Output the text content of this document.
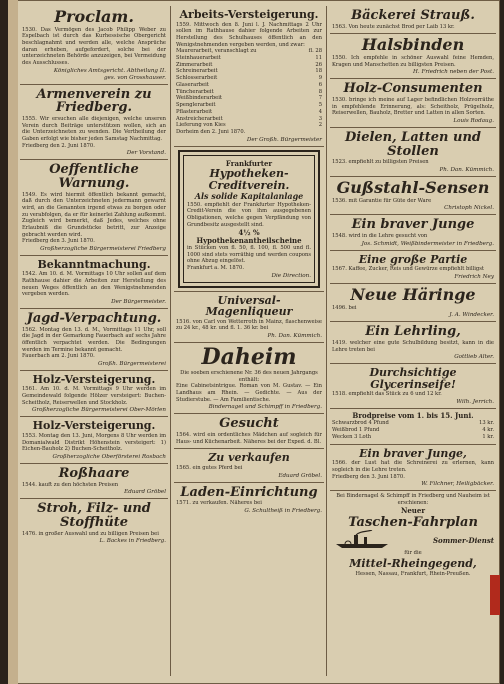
Proclam.

1530. Das Vermögen des Jacob Philipp Weber zu Espelbach ist durch das Kurhessische Obergericht beschlagnahmt und werden alle, welche Ansprüche daran erheben, aufgefordert, solche bei der unterzeichneten Behörde anzuzeigen, bei Vermeidung des Ausschlusses.

Königliches Amtsgericht. Abtheilung II.

ges. von Grosshauser.

Armenverein zu Friedberg.

1555. Wir ersuchen alle diejenigen, welche unseren Verein durch Beiträge unterstützen wollen, sich an die Unterzeichneten zu wenden. Die Vertheilung der Gaben erfolgt wie bisher jeden Samstag Nachmittag.

Friedberg den 2. Juni 1870.

Der Vorstand.

Oeffentliche Warnung.

1549. Es wird hiermit öffentlich bekannt gemacht, daß durch den Unterzeichneten jedermann gewarnt wird, an die Genannten irgend etwas zu borgen oder zu verabfolgen, da er für keinerlei Zahlung aufkommt. Zugleich wird bemerkt, daß Jedes, welches ohne Erlaubniß die Grundstücke betritt, zur Anzeige gebracht werden wird.

Friedberg den 3. Juni 1870.

Großherzogliche Bürgermeisterei Friedberg

Bekanntmachung.

1542. Am 10. d. M. Vormittags 10 Uhr sollen auf dem Rathhause dahier die Arbeiten zur Herstellung des neuen Weges öffentlich an den Wenigstnehmenden vergeben werden.

Der Bürgermeister.

Jagd-Verpachtung.

1562. Montag den 13. d. M., Vormittags 11 Uhr, soll die Jagd in der Gemarkung Fauerbach auf sechs Jahre öffentlich verpachtet werden. Die Bedingungen werden im Termine bekannt gemacht.

Fauerbach am 2. Juni 1870.

Großh. Bürgermeisterei

Holz-Versteigerung.

1561. Am 10. d. M. Vormittags 9 Uhr werden im Gemeindewald folgende Hölzer versteigert: Buchen-Scheitholz, Reiserwellen und Stockholz.

Großherzogliche Bürgermeisterei Ober-Mörlen

Holz-Versteigerung.

1553. Montag den 13. Juni, Morgens 8 Uhr werden im Domanialwald Distrikt Höhenstein versteigert: 1) Eichen-Bauholz 2) Buchen-Scheitholz.

Großherzogliche Oberförsterei Rosbach

Roßhaare

1544. kauft zu den höchsten Preisen

Eduard Gröbel

Stroh, Filz- und Stoffhüte

1476. in großer Auswahl und zu billigen Preisen bei

L. Backes in Friedberg.

Arbeits-Versteigerung.

1559. Mittwoch den 8. Juni l. J. Nachmittags 2 Uhr sollen im Rathhause dahier folgende Arbeiten zur Herstellung des Schulhauses öffentlich an den Wenigstnehmenden vergeben werden, und zwar:

Maurerarbeit, veranschlagt zu	fl. 28
Steinhauerarbeit	11
Zimmerarbeit	26
Schreinerarbeit	18
Schlosserarbeit	9
Glaserarbeit	6
Tüncherarbeit	8
Weißbinderarbeit	7
Spenglerarbeit	5
Pflasterarbeit	4
Anstreicherarbeit	3
Lieferung von Kies	2

Dorheim den 2. Juni 1870.

Der Großh. Bürgermeister

Frankfurter
Hypotheken-Creditverein.
Als solide Kapitalanlage

1550. empfiehlt der Frankfurter Hypotheken-Credit-Verein die von ihm ausgegebenen Obligationen, welche gegen Verpfändung von Grundbesitz ausgestellt sind.

4½ % Hypothekenantheilscheine

in Stücken von fl. 50, fl. 100, fl. 500 und fl. 1000 sind stets vorräthig und werden coupons ohne Abzug eingelöst.

Frankfurt a. M. 1870.

Die Direction.

Universal-Magenliqueur

1516. von Carl von Wetterroth in Mainz, flaschenweise zu 24 kr., 48 kr. und fl. 1. 36 kr. bei

Ph. Dan. Kümmich.

Daheim

Die soeben erschienene Nr. 36 des neuen Jahrgangs enthält:

Eine Cabinetsintrigue. Roman von M. Gustav. — Ein Landhaus am Rhein. — Gedichte. — Aus der Studierstube. — Am Familientische.

Bindernagel und Schimpff in Friedberg.

Gesucht

1564. wird ein ordentliches Mädchen auf sogleich für Haus- und Küchenarbeit. Näheres bei der Exped. d. Bl.

Zu verkaufen

1565. ein gutes Pferd bei

Eduard Gröbel.

Laden-Einrichtung

1571. zu verkaufen. Näheres bei

G. Schultheiß in Friedberg.

Bäckerei Strauß.

1563. Von heute zunächst Brod per Laib 13 kr.

Halsbinden

1550. Ich empfehle in schöner Auswahl feine Hemden, Kragen und Manschetten zu billigsten Preisen.

H. Friedrich neben der Post.

Holz-Consumenten

1530. bringe ich meine auf Lager befindlichen Holzvorräthe in empfehlende Erinnerung, als: Scheitholz, Prügelholz, Reiserwellen, Bauholz, Bretter und Latten in allen Sorten.

Louis Rodaug.

Dielen, Latten und Stollen

1523. empfiehlt zu billigsten Preisen

Ph. Dan. Kümmich.

Gußstahl-Sensen

1536. mit Garantie für Güte der Ware

Christoph Nickel.

Ein braver Junge

1548. wird in die Lehre gesucht von

Jos. Schmidt, Weißbindermeister in Friedberg.

Eine große Partie

1567. Kaffee, Zucker, Reis und Gewürze empfiehlt billigst

Friedrich Ney

Neue Häringe

1496. bei

J. A. Windecker.

Ein Lehrling,

1419. welcher eine gute Schulbildung besitzt, kann in die Lehre treten bei

Gottlieb Alter.

Durchsichtige Glycerinseife!

1518. empfiehlt das Stück zu 6 und 12 kr.

Wilh. Jerrich.

Brodpreise vom 1. bis 15. Juni.
Schwarzbrod 4 Pfund	13 kr.
Weißbrod 1 Pfund	4 kr.
Wecken 3 Loth	1 kr.
Ein braver Junge,

1566. der Lust hat die Schreinerei zu erlernen, kann sogleich in die Lehre treten.

Friedberg den 3. Juni 1870.

W. Filchner, Heiligbäcker.

Bei Bindernagel & Schimpff in Friedberg und Nauheim ist erschienen:

Neuer
Taschen-Fahrplan
Sommer-Dienst

für die

Mittel-Rheingegend,

Hessen, Nassau, Frankfurt, Rhein-Preußen.
